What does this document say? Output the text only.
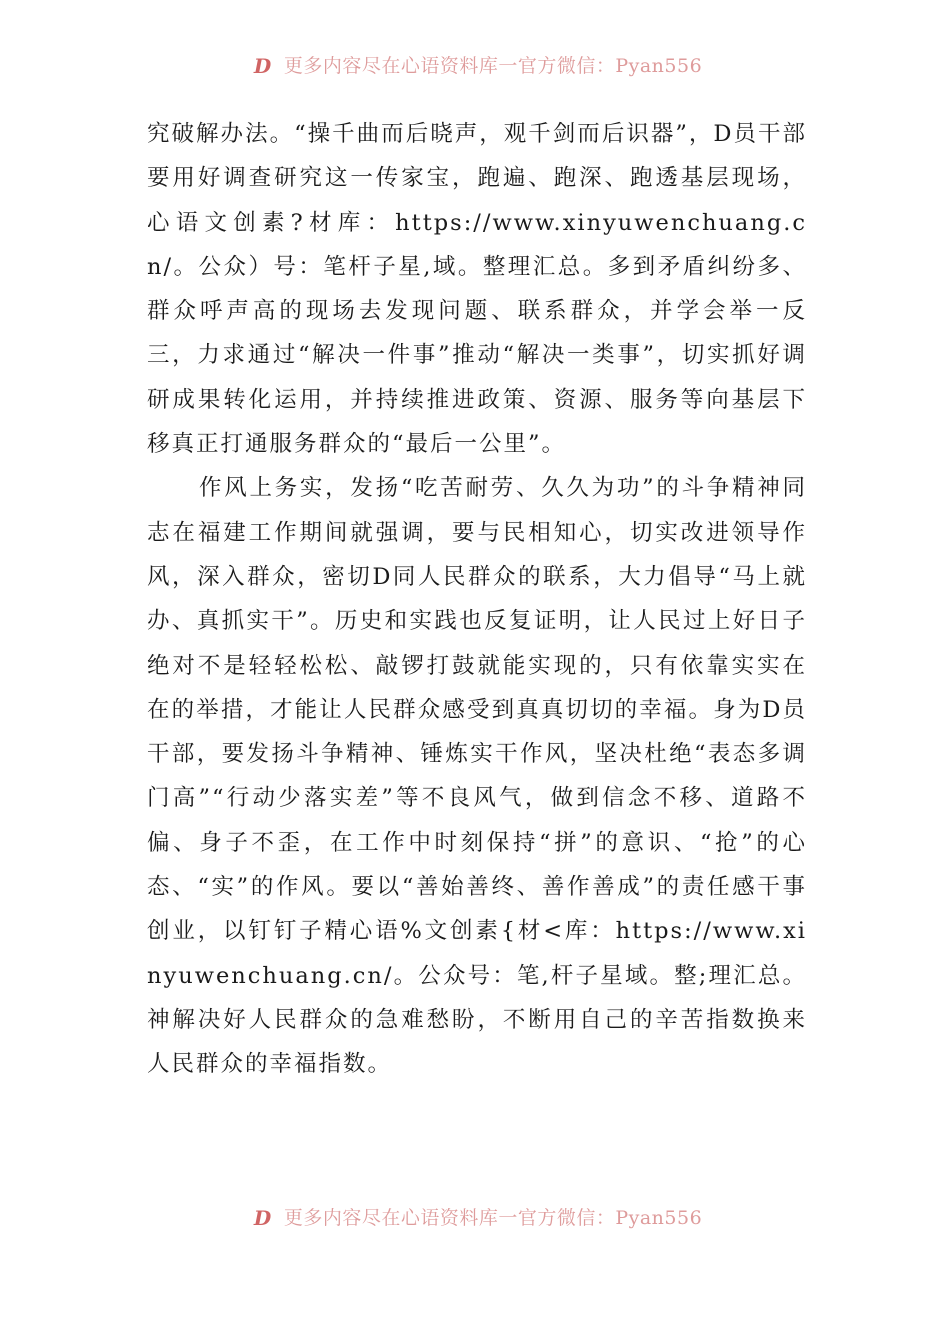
D 更多内容尽在心语资料库一官方微信：Pyan556

究破解办法。“操千曲而后晓声，观千剑而后识器”，D员干部要用好调查研究这一传家宝，跑遍、跑深、跑透基层现场，心语文创素?材库：https://www.xinyuwenchuang.cn/。公众）号：笔杆子星,域。整理汇总。多到矛盾纠纷多、群众呼声高的现场去发现问题、联系群众，并学会举一反三，力求通过“解决一件事”推动“解决一类事”，切实抓好调研成果转化运用，并持续推进政策、资源、服务等向基层下移真正打通服务群众的“最后一公里”。

作风上务实，发扬“吃苦耐劳、久久为功”的斗争精神同志在福建工作期间就强调，要与民相知心，切实改进领导作风，深入群众，密切D同人民群众的联系，大力倡导“马上就办、真抓实干”。历史和实践也反复证明，让人民过上好日子绝对不是轻轻松松、敲锣打鼓就能实现的，只有依靠实实在在的举措，才能让人民群众感受到真真切切的幸福。身为D员干部，要发扬斗争精神、锤炼实干作风，坚决杜绝“表态多调门高”“行动少落实差”等不良风气，做到信念不移、道路不偏、身子不歪，在工作中时刻保持“拼”的意识、“抢”的心态、“实”的作风。要以“善始善终、善作善成”的责任感干事创业，以钉钉子精心语%文创素{材<库：https://www.xinyuwenchuang.cn/。公众号：笔,杆子星域。整;理汇总。神解决好人民群众的急难愁盼，不断用自己的辛苦指数换来人民群众的幸福指数。

D 更多内容尽在心语资料库一官方微信：Pyan556
